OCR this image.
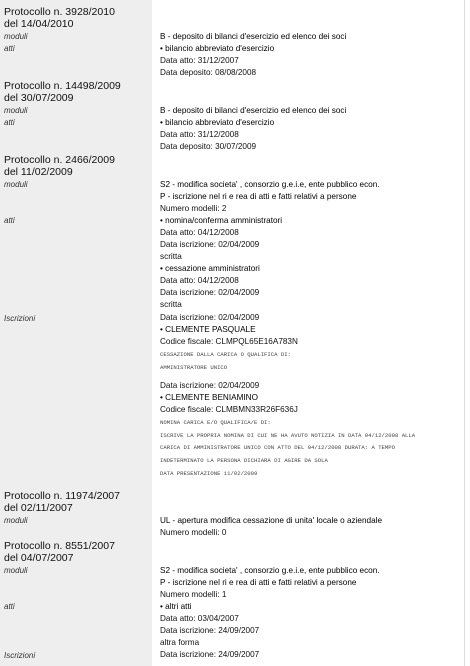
Protocollo n. 3928/2010
del 14/04/2010
moduli	B - deposito di bilanci d'esercizio ed elenco dei soci
atti	• bilancio abbreviato d'esercizio
Data atto: 31/12/2007
Data deposito: 08/08/2008
Protocollo n. 14498/2009
del 30/07/2009
moduli	B - deposito di bilanci d'esercizio ed elenco dei soci
atti	• bilancio abbreviato d'esercizio
Data atto: 31/12/2008
Data deposito: 30/07/2009
Protocollo n. 2466/2009
del 11/02/2009
moduli	S2 - modifica societa' , consorzio g.e.i.e, ente pubblico econ.
P - iscrizione nel ri e rea di atti e fatti relativi a persone
Numero modelli: 2
atti	• nomina/conferma amministratori
Data atto: 04/12/2008
Data iscrizione: 02/04/2009
scritta
• cessazione amministratori
Data atto: 04/12/2008
Data iscrizione: 02/04/2009
scritta
Iscrizioni	Data iscrizione: 02/04/2009
• CLEMENTE PASQUALE
Codice fiscale: CLMPQL65E16A783N
CESSAZIONE DALLA CARICA O QUALIFICA DI:
AMMINISTRATORE UNICO
Data iscrizione: 02/04/2009
• CLEMENTE BENIAMINO
Codice fiscale: CLMBMN33R26F636J
NOMINA CARICA E/O QUALIFICA/E DI:
ISCRIVE LA PROPRIA NOMINA DI CUI NE HA AVUTO NOTIZIA IN DATA 04/12/2008 ALLA
CARICA DI AMMINISTRATORE UNICO CON ATTO DEL 04/12/2008 DURATA: A TEMPO
INDETERMINATO LA PERSONA DICHIARA DI AGIRE DA SOLA
DATA PRESENTAZIONE 11/02/2009
Protocollo n. 11974/2007
del 02/11/2007
moduli	UL - apertura modifica cessazione di unita' locale o aziendale
Numero modelli: 0
Protocollo n. 8551/2007
del 04/07/2007
moduli	S2 - modifica societa' , consorzio g.e.i.e, ente pubblico econ.
P - iscrizione nel ri e rea di atti e fatti relativi a persone
Numero modelli: 1
atti	• altri atti
Data atto: 03/04/2007
Data iscrizione: 24/09/2007
altra forma
Iscrizioni	Data iscrizione: 24/09/2007
